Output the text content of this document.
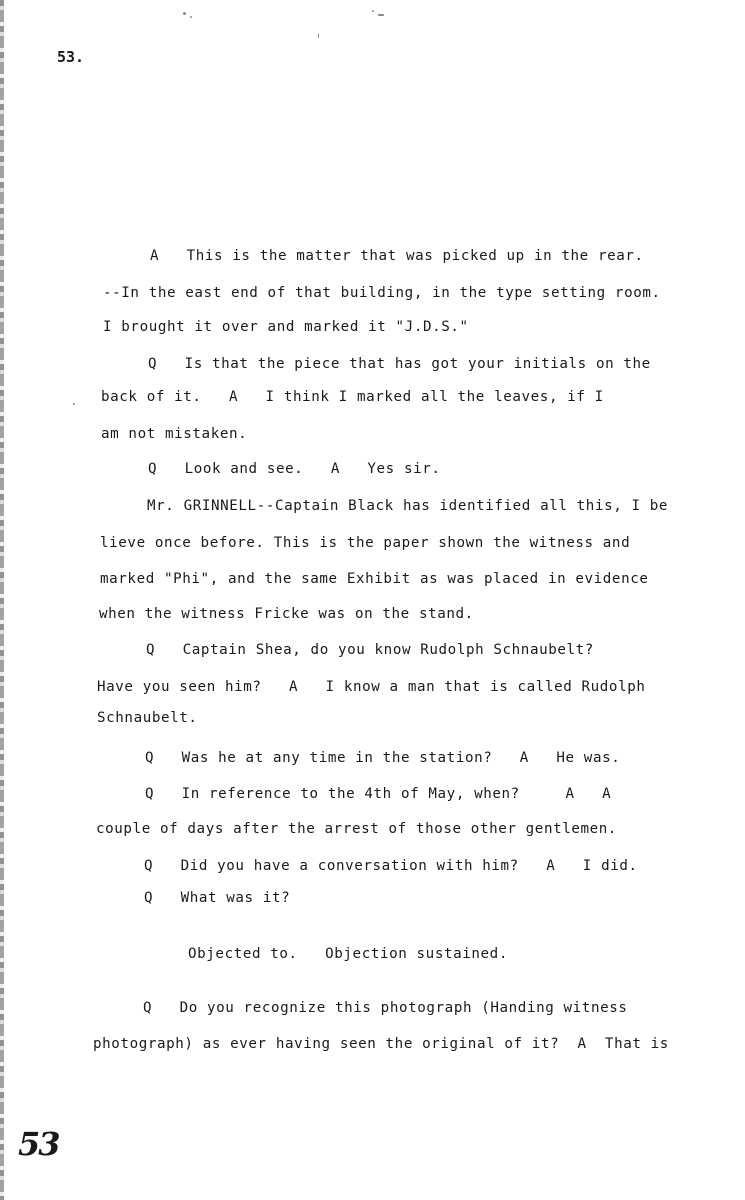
53.
A   This is the matter that was picked up in the rear.
--In the east end of that building, in the type setting room.
I brought it over and marked it "J.D.S."
Q   Is that the piece that has got your initials on the
back of it.   A   I think I marked all the leaves, if I
am not mistaken.
Q   Look and see.   A   Yes sir.
Mr. GRINNELL--Captain Black has identified all this, I be
lieve once before. This is the paper shown the witness and
marked "Phi", and the same Exhibit as was placed in evidence
when the witness Fricke was on the stand.
Q   Captain Shea, do you know Rudolph Schnaubelt?
Have you seen him?   A   I know a man that is called Rudolph
Schnaubelt.
Q   Was he at any time in the station?   A   He was.
Q   In reference to the 4th of May, when?     A   A
couple of days after the arrest of those other gentlemen.
Q   Did you have a conversation with him?   A   I did.
Q   What was it?
Objected to.   Objection sustained.
Q   Do you recognize this photograph (Handing witness
photograph) as ever having seen the original of it?  A  That is
53
